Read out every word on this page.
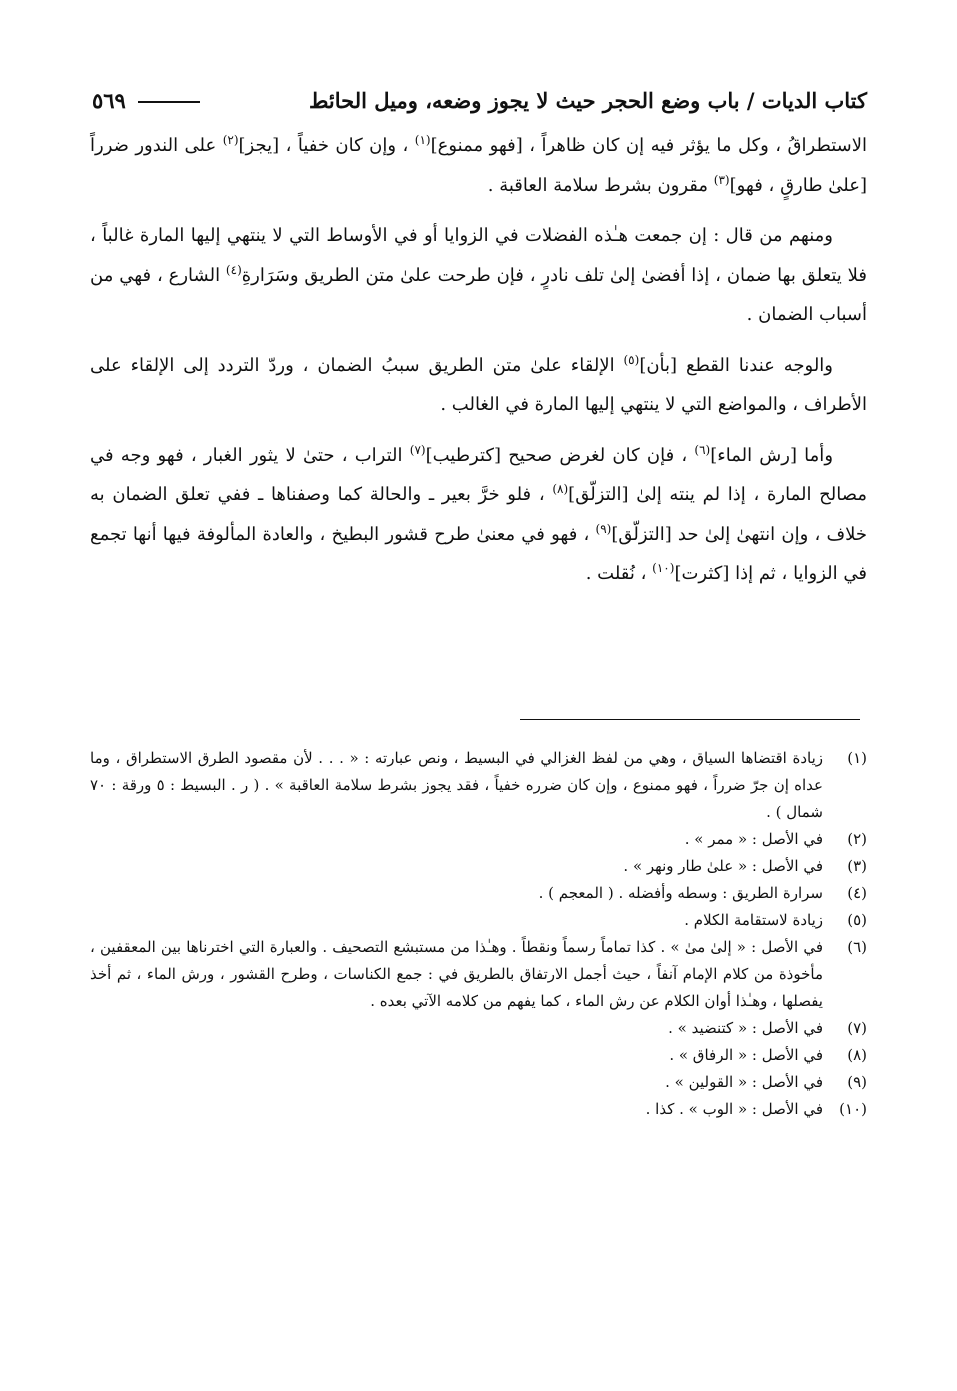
كتاب الديات / باب وضع الحجر حيث لا يجوز وضعه، وميل الحائط
٥٦٩

الاستطراقُ ، وكل ما يؤثر فيه إن كان ظاهراً ، [فهو ممنوع]$^{(١)}$ ، وإن كان خفياً ، [يجز]$^{(٢)}$ على الندور ضرراً [علىٰ طارقٍ ، فهو]$^{(٣)}$ مقرون بشرط سلامة العاقبة .

ومنهم من قال : إن جمعت هـٰذه الفضلات في الزوايا أو في الأوساط التي لا ينتهي إليها المارة غالباً ، فلا يتعلق بها ضمان ، إذا أفضىٰ إلىٰ تلف نادرٍ ، فإن طرحت علىٰ متن الطريق وسَرَارةِ$^{(٤)}$ الشارع ، فهي من أسباب الضمان .

والوجه عندنا القطع [بأن]$^{(٥)}$ الإلقاء علىٰ متن الطريق سببُ الضمان ، وردّ التردد إلى الإلقاء على الأطراف ، والمواضع التي لا ينتهي إليها المارة في الغالب .

وأما [رش الماء]$^{(٦)}$ ، فإن كان لغرض صحيح [كترطيب]$^{(٧)}$ التراب ، حتىٰ لا يثور الغبار ، فهو وجه في مصالح المارة ، إذا لم ينته إلىٰ [التزلّق]$^{(٨)}$ ، فلو خرَّ بعير ـ والحالة كما وصفناها ـ ففي تعلق الضمان به خلاف ، وإن انتهىٰ إلىٰ حد [التزلّق]$^{(٩)}$ ، فهو في معنىٰ طرح قشور البطيخ ، والعادة المألوفة فيها أنها تجمع في الزوايا ، ثم إذا [كثرت]$^{(١٠)}$ ، نُقلت .

(١)
زيادة اقتضاها السياق ، وهي من لفظ الغزالي في البسيط ، ونص عبارته : « . . . لأن مقصود الطرق الاستطراق ، وما عداه إن جرّ ضرراً ، فهو ممنوع ، وإن كان ضرره خفياً ، فقد يجوز بشرط سلامة العاقبة » . ( ر . البسيط : ٥ ورقة : ٧٠ شمال ) .
(٢)
في الأصل : « ممر » .
(٣)
في الأصل : « علىٰ طار ونهر » .
(٤)
سرارة الطريق : وسطه وأفضله . ( المعجم ) .
(٥)
زيادة لاستقامة الكلام .
(٦)
في الأصل : « إلىٰ مىٰ » . كذا تماماً رسماً ونقطاً . وهـٰذا من مستبشع التصحيف . والعبارة التي اخترناها بين المعقفين ، مأخوذة من كلام الإمام آنفاً ، حيث أجمل الارتفاق بالطريق في : جمع الكناسات ، وطرح القشور ، ورش الماء ، ثم أخذ يفصلها ، وهـٰذا أوان الكلام عن رش الماء ، كما يفهم من كلامه الآتي بعده .
(٧)
في الأصل : « كتنضيد » .
(٨)
في الأصل : « الرفاق » .
(٩)
في الأصل : « القولين » .
(١٠)
في الأصل : « الوب » . كذا .
